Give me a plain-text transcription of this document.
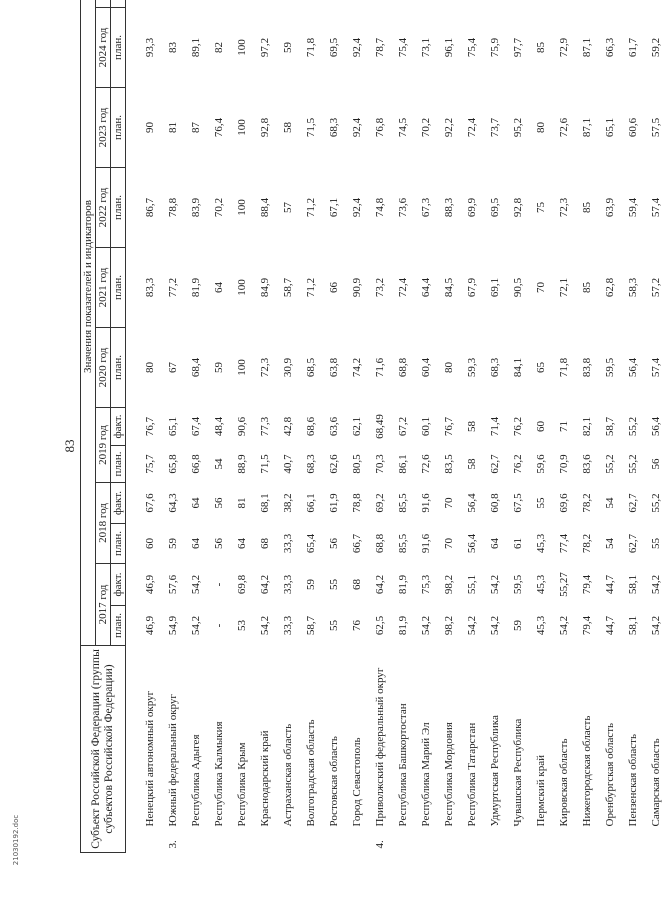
83
21030192.doc	Субъект Российской Федерации (группы субъектов Российской Федерации)		Значения показателей и индикаторов											
		2017 год		2018 год		2019 год		2020 год	2021 год	2022 год	2023 год	2024 год	
		план.	факт.	план.	факт.	план.	факт.	план.	план.	план.	план.	план.	

	Ненецкий автономный округ	46,9	46,9	60	67,6	75,7	76,7	80	83,3	86,7	90	93,3	
3.	Южный федеральный округ	54,9	57,6	59	64,3	65,8	65,1	67	77,2	78,8	81	83	
	Республика Адыгея	54,2	54,2	64	64	66,8	67,4	68,4	81,9	83,9	87	89,1	
	Республика Калмыкия	-	-	56	56	54	48,4	59	64	70,2	76,4	82	
	Республика Крым	53	69,8	64	81	88,9	90,6	100	100	100	100	100	
	Краснодарский край	54,2	64,2	68	68,1	71,5	77,3	72,3	84,9	88,4	92,8	97,2	
	Астраханская область	33,3	33,3	33,3	38,2	40,7	42,8	30,9	58,7	57	58	59	
	Волгоградская область	58,7	59	65,4	66,1	68,3	68,6	68,5	71,2	71,2	71,5	71,8	
	Ростовская область	55	55	56	61,9	62,6	63,6	63,8	66	67,1	68,3	69,5	
	Город Севастополь	76	68	66,7	78,8	80,5	62,1	74,2	90,9	92,4	92,4	92,4	
4.	Приволжский федеральный округ	62,5	64,2	68,8	69,2	70,3	68,49	71,6	73,2	74,8	76,8	78,7	
	Республика Башкортостан	81,9	81,9	85,5	85,5	86,1	67,2	68,8	72,4	73,6	74,5	75,4	
	Республика Марий Эл	54,2	75,3	91,6	91,6	72,6	60,1	60,4	64,4	67,3	70,2	73,1	
	Республика Мордовия	98,2	98,2	70	70	83,5	76,7	80	84,5	88,3	92,2	96,1	
	Республика Татарстан	54,2	55,1	56,4	56,4	58	58	59,3	67,9	69,9	72,4	75,4	
	Удмуртская Республика	54,2	54,2	64	60,8	62,7	71,4	68,3	69,1	69,5	73,7	75,9	
	Чувашская Республика	59	59,5	61	67,5	76,2	76,2	84,1	90,5	92,8	95,2	97,7	
	Пермский край	45,3	45,3	45,3	55	59,6	60	65	70	75	80	85	
	Кировская область	54,2	55,27	77,4	69,6	70,9	71	71,8	72,1	72,3	72,6	72,9	
	Нижегородская область	79,4	79,4	78,2	78,2	83,6	82,1	83,8	85	85	87,1	87,1	
	Оренбургская область	44,7	44,7	54	54	55,2	58,7	59,5	62,8	63,9	65,1	66,3	
	Пензенская область	58,1	58,1	62,7	62,7	55,2	55,2	56,4	58,3	59,4	60,6	61,7	
	Самарская область	54,2	54,2	55	55,2	56	56,4	57,4	57,2	57,4	57,5	59,2	
